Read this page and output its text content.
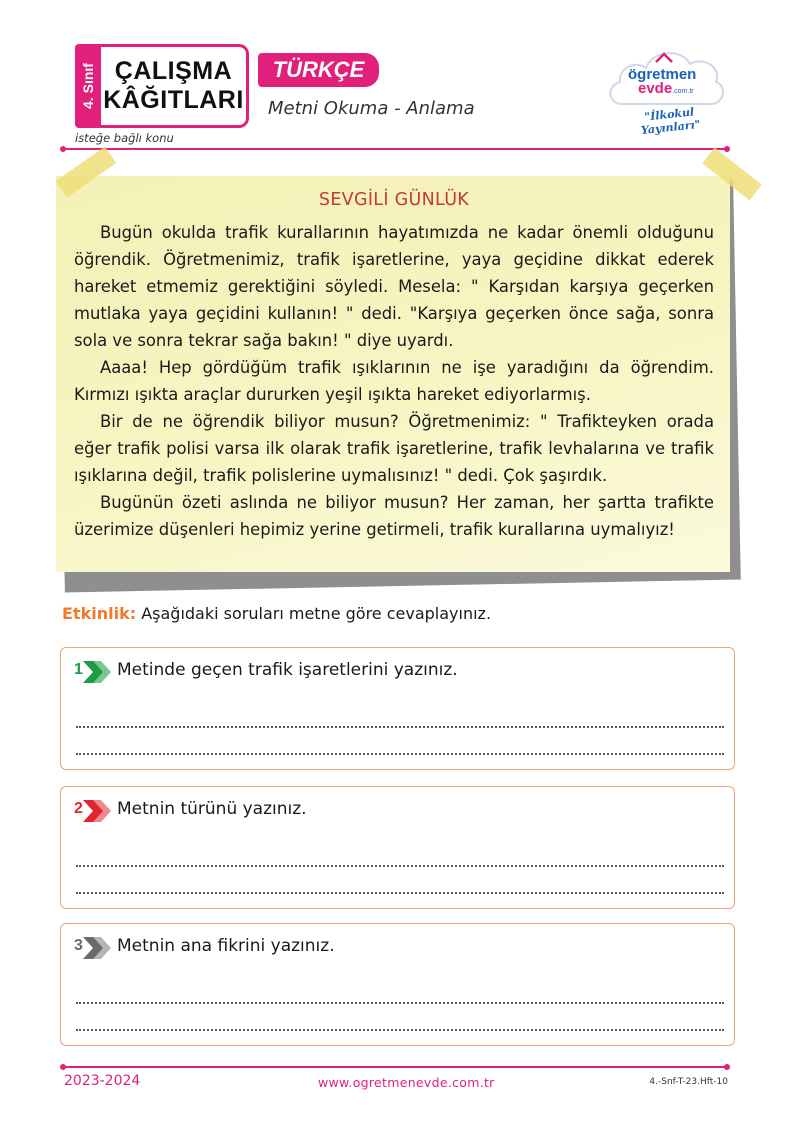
4. Sınıf ÇALIŞMA
KÂĞITLARI
TÜRKÇE
Metni Okuma - Anlama
isteğe bağlı konu
ögretmen
evde.com.tr
"İlkokul Yayınları"
SEVGİLİ GÜNLÜK

Bugün okulda trafik kurallarının hayatımızda ne kadar önemli olduğunu öğrendik. Öğretmenimiz, trafik işaretlerine, yaya geçidine dikkat ederek hareket etmemiz gerektiğini söyledi. Mesela: " Karşıdan karşıya geçerken mutlaka yaya geçidini kullanın! " dedi. "Karşıya geçerken önce sağa, sonra sola ve sonra tekrar sağa bakın! " diye uyardı.

Aaaa! Hep gördüğüm trafik ışıklarının ne işe yaradığını da öğrendim. Kırmızı ışıkta araçlar dururken yeşil ışıkta hareket ediyorlarmış.

Bir de ne öğrendik biliyor musun? Öğretmenimiz: " Trafikteyken orada eğer trafik polisi varsa ilk olarak trafik işaretlerine, trafik levhalarına ve trafik ışıklarına değil, trafik polislerine uymalısınız! " dedi. Çok şaşırdık.

Bugünün özeti aslında ne biliyor musun? Her zaman, her şartta trafikte üzerimize düşenleri hepimiz yerine getirmeli, trafik kurallarına uymalıyız!

Etkinlik: Aşağıdaki soruları metne göre cevaplayınız.
1 Metinde geçen trafik işaretlerini yazınız.
2 Metnin türünü yazınız.
3 Metnin ana fikrini yazınız.
2023-2024	www.ogretmenevde.com.tr	4.-Snf-T-23.Hft-10
